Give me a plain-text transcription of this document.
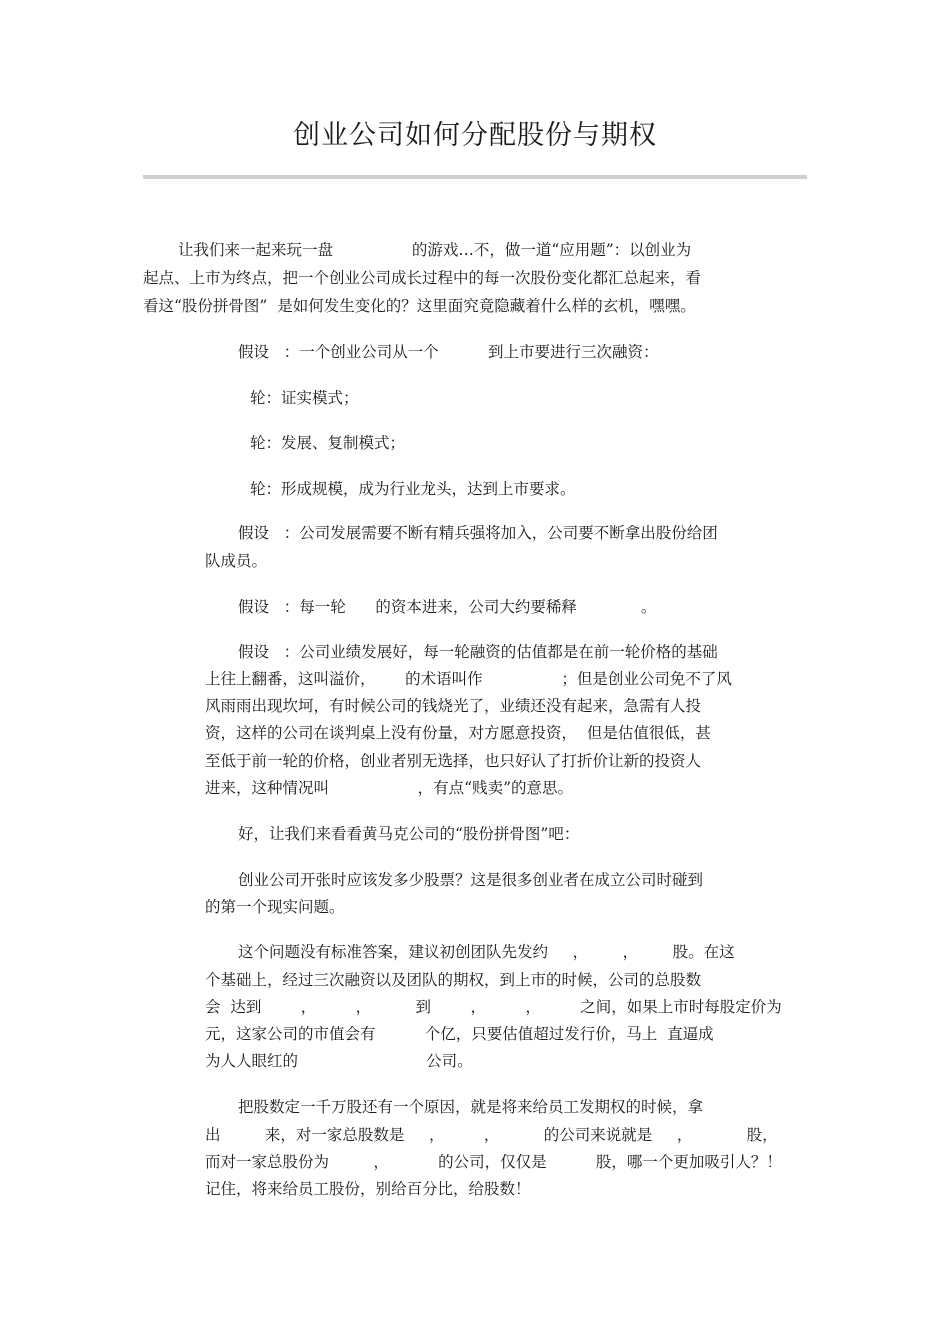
创业公司如何分配股份与期权
让我们来一起来玩一盘                的游戏…不，做一道“应用题”：以创业为
起点、上市为终点，把一个创业公司成长过程中的每一次股份变化都汇总起来，看
看这“股份拼骨图”  是如何发生变化的？这里面究竟隐藏着什么样的玄机，嘿嘿。
假设   ：一个创业公司从一个          到上市要进行三次融资：
轮：证实模式；
轮：发展、复制模式；
轮：形成规模，成为行业龙头，达到上市要求。
假设   ：公司发展需要不断有精兵强将加入，公司要不断拿出股份给团
队成员。
假设   ：每一轮      的资本进来，公司大约要稀释             。
假设   ：公司业绩发展好，每一轮融资的估值都是在前一轮价格的基础
上往上翻番，这叫溢价，      的术语叫作                ；但是创业公司免不了风
风雨雨出现坎坷，有时候公司的钱烧光了，业绩还没有起来，急需有人投
资，这样的公司在谈判桌上没有份量，对方愿意投资，  但是估值很低，甚
至低于前一轮的价格，创业者别无选择，也只好认了打折价让新的投资人
进来，这种情况叫                  ，有点“贱卖”的意思。
好，让我们来看看黄马克公司的“股份拼骨图”吧：
创业公司开张时应该发多少股票？这是很多创业者在成立公司时碰到
的第一个现实问题。
这个问题没有标准答案，建议初创团队先发约     ，       ，       股。在这
个基础上，经过三次融资以及团队的期权，到上市的时候，公司的总股数
会  达到        ，        ，         到        ，        ，        之间，如果上市时每股定价为
元，这家公司的市值会有          个亿，只要估值超过发行价，马上  直逼成
为人人眼红的                          公司。
把股数定一千万股还有一个原因，就是将来给员工发期权的时候，拿
出         来，对一家总股数是     ，        ，         的公司来说就是     ，           股，
而对一家总股份为         ，          的公司，仅仅是          股，哪一个更加吸引人？！
记住，将来给员工股份，别给百分比，给股数！
